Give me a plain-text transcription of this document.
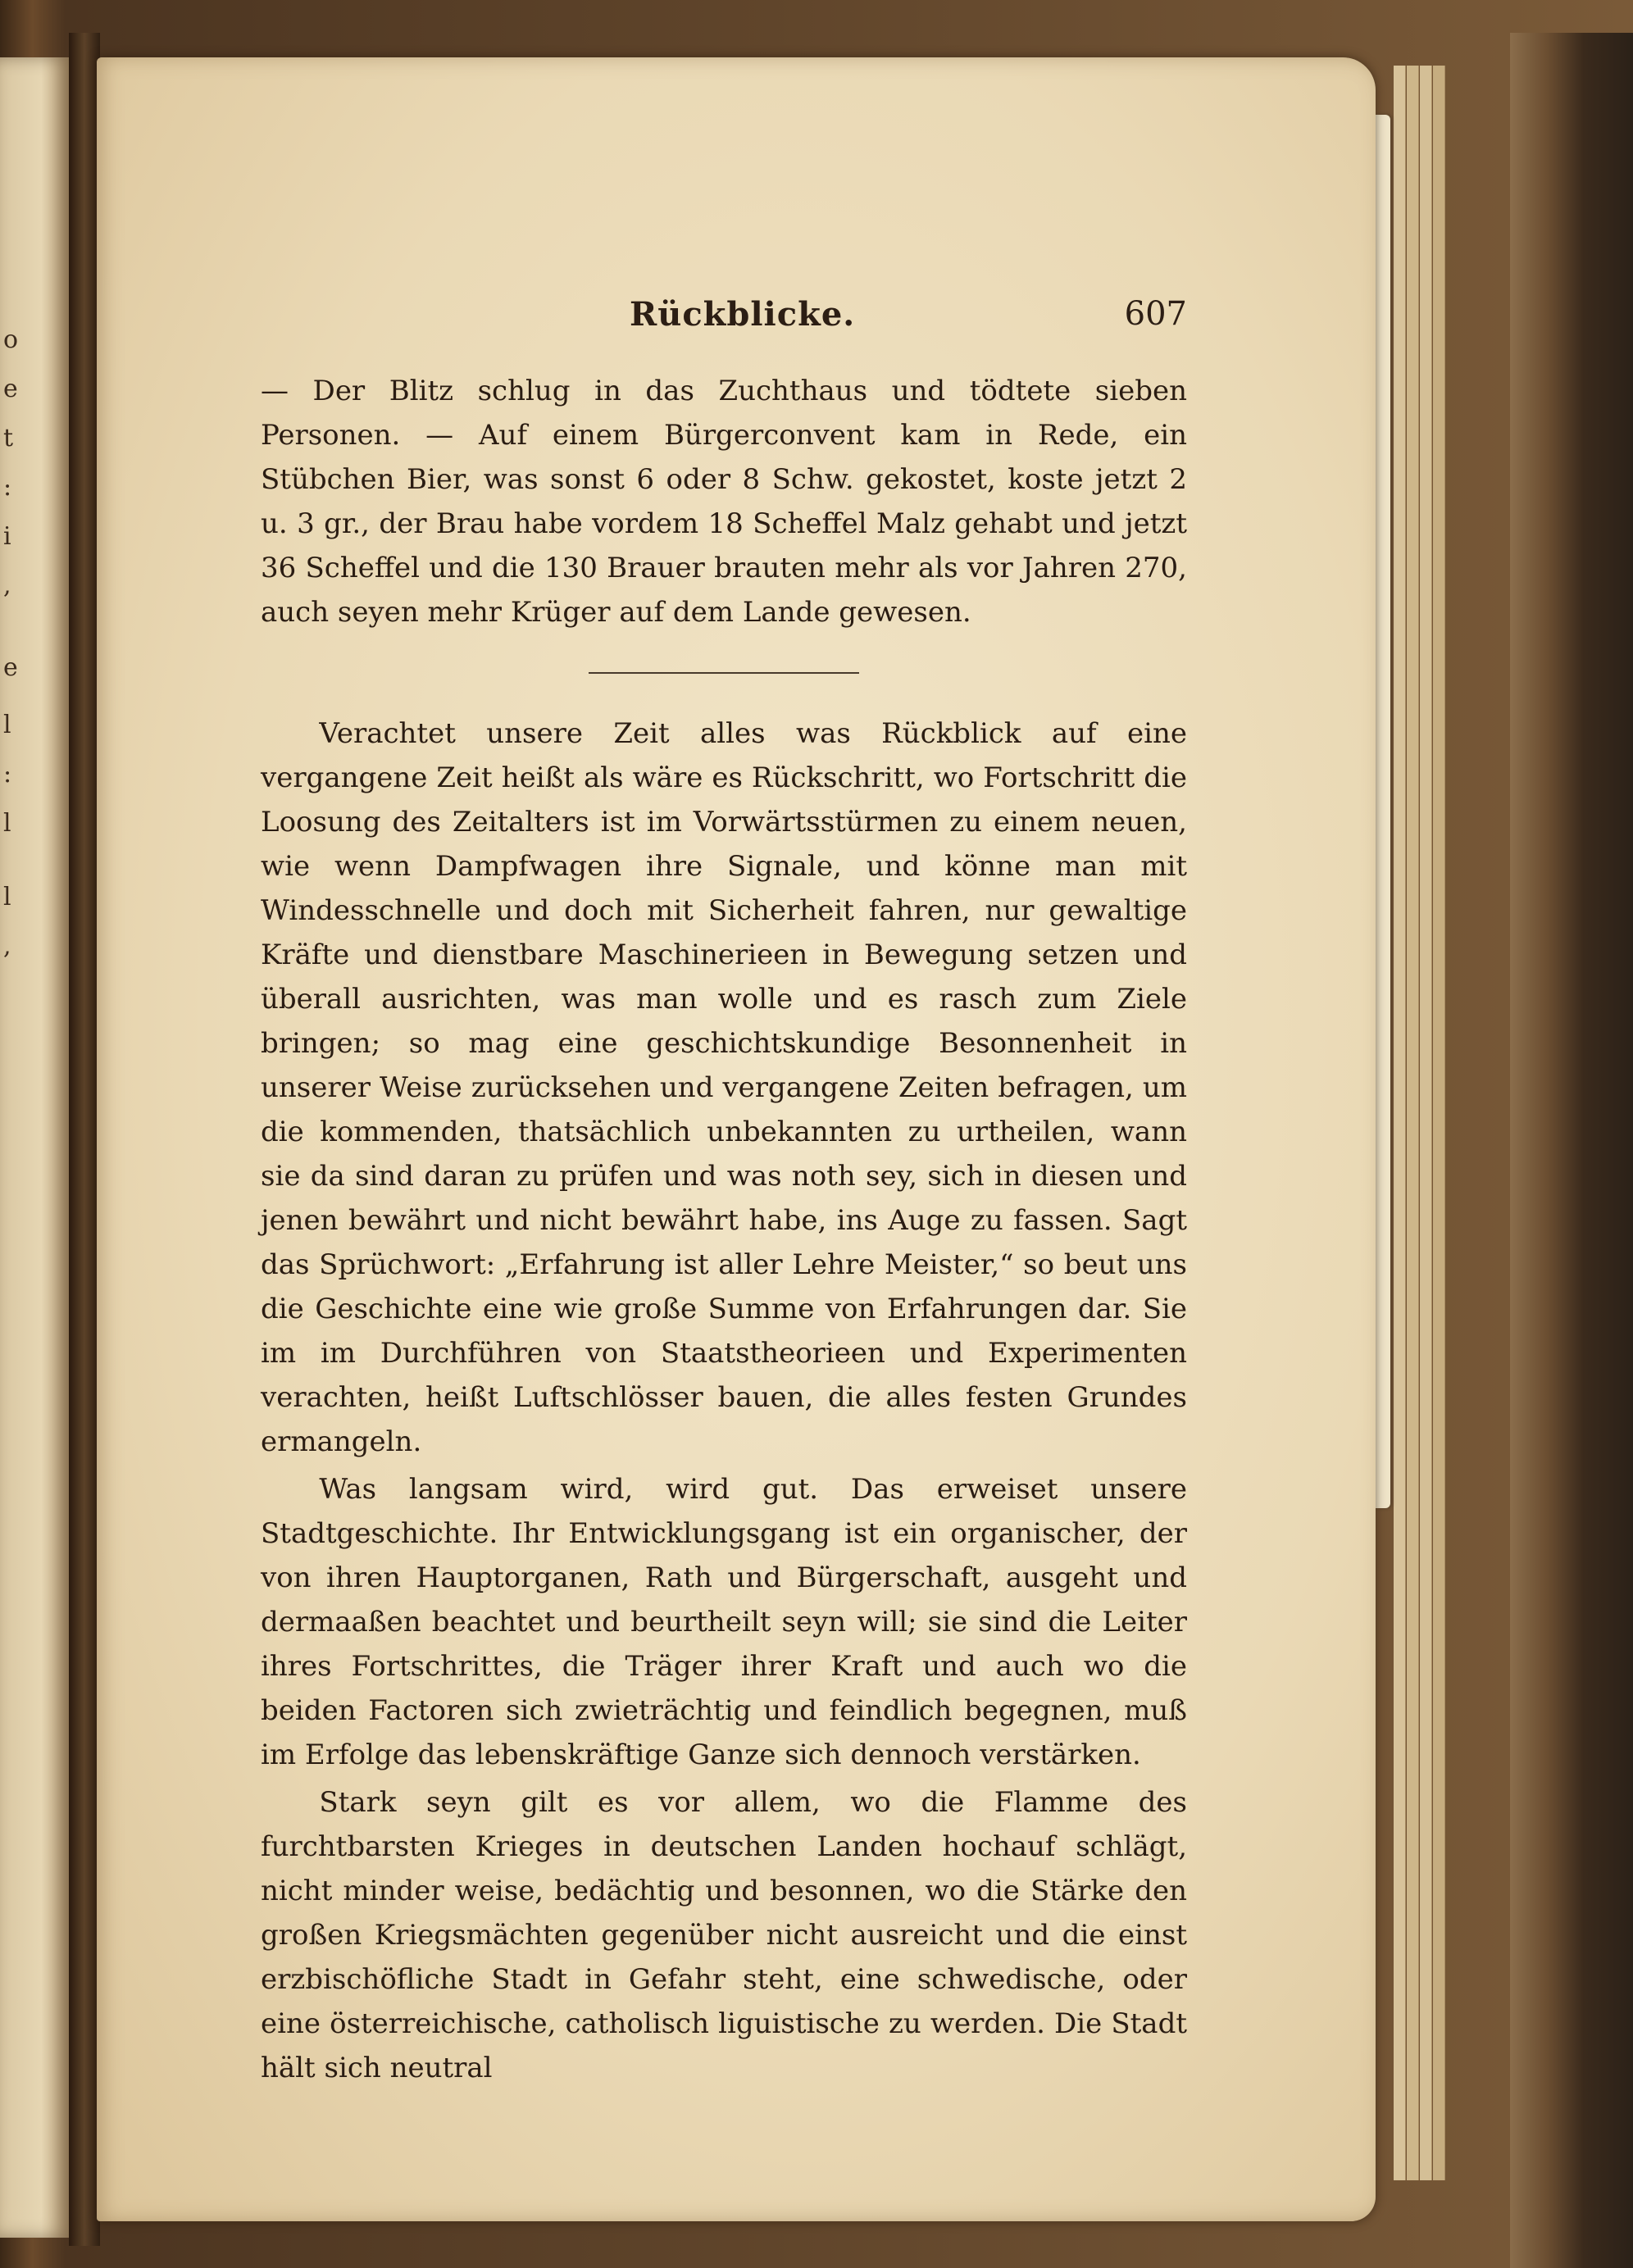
o
e
t
:
i
,
e
l
:
l
l
,
Rückblicke.	607

— Der Blitz schlug in das Zuchthaus und tödtete sieben Personen. — Auf einem Bürgerconvent kam in Rede, ein Stübchen Bier, was sonst 6 oder 8 Schw. gekostet, koste jetzt 2 u. 3 gr., der Brau habe vordem 18 Scheffel Malz gehabt und jetzt 36 Scheffel und die 130 Brauer brauten mehr als vor Jahren 270, auch seyen mehr Krüger auf dem Lande gewesen.

Verachtet unsere Zeit alles was Rückblick auf eine vergangene Zeit heißt als wäre es Rückschritt, wo Fortschritt die Loosung des Zeitalters ist im Vorwärtsstürmen zu einem neuen, wie wenn Dampfwagen ihre Signale, und könne man mit Windesschnelle und doch mit Sicherheit fahren, nur gewaltige Kräfte und dienstbare Maschinerieen in Bewegung setzen und überall ausrichten, was man wolle und es rasch zum Ziele bringen; so mag eine geschichtskundige Besonnenheit in unserer Weise zurücksehen und vergangene Zeiten befragen, um die kommenden, thatsächlich unbekannten zu urtheilen, wann sie da sind daran zu prüfen und was noth sey, sich in diesen und jenen bewährt und nicht bewährt habe, ins Auge zu fassen. Sagt das Sprüchwort: „Erfahrung ist aller Lehre Meister,“ so beut uns die Geschichte eine wie große Summe von Erfahrungen dar. Sie im im Durchführen von Staatstheorieen und Experimenten verachten, heißt Luftschlösser bauen, die alles festen Grundes ermangeln.

Was langsam wird, wird gut. Das erweiset unsere Stadtgeschichte. Ihr Entwicklungsgang ist ein organischer, der von ihren Hauptorganen, Rath und Bürgerschaft, ausgeht und dermaaßen beachtet und beurtheilt seyn will; sie sind die Leiter ihres Fortschrittes, die Träger ihrer Kraft und auch wo die beiden Factoren sich zwieträchtig und feindlich begegnen, muß im Erfolge das lebenskräftige Ganze sich dennoch verstärken.

Stark seyn gilt es vor allem, wo die Flamme des furchtbarsten Krieges in deutschen Landen hochauf schlägt, nicht minder weise, bedächtig und besonnen, wo die Stärke den großen Kriegsmächten gegenüber nicht ausreicht und die einst erzbischöfliche Stadt in Gefahr steht, eine schwedische, oder eine österreichische, catholisch liguistische zu werden. Die Stadt hält sich neutral
